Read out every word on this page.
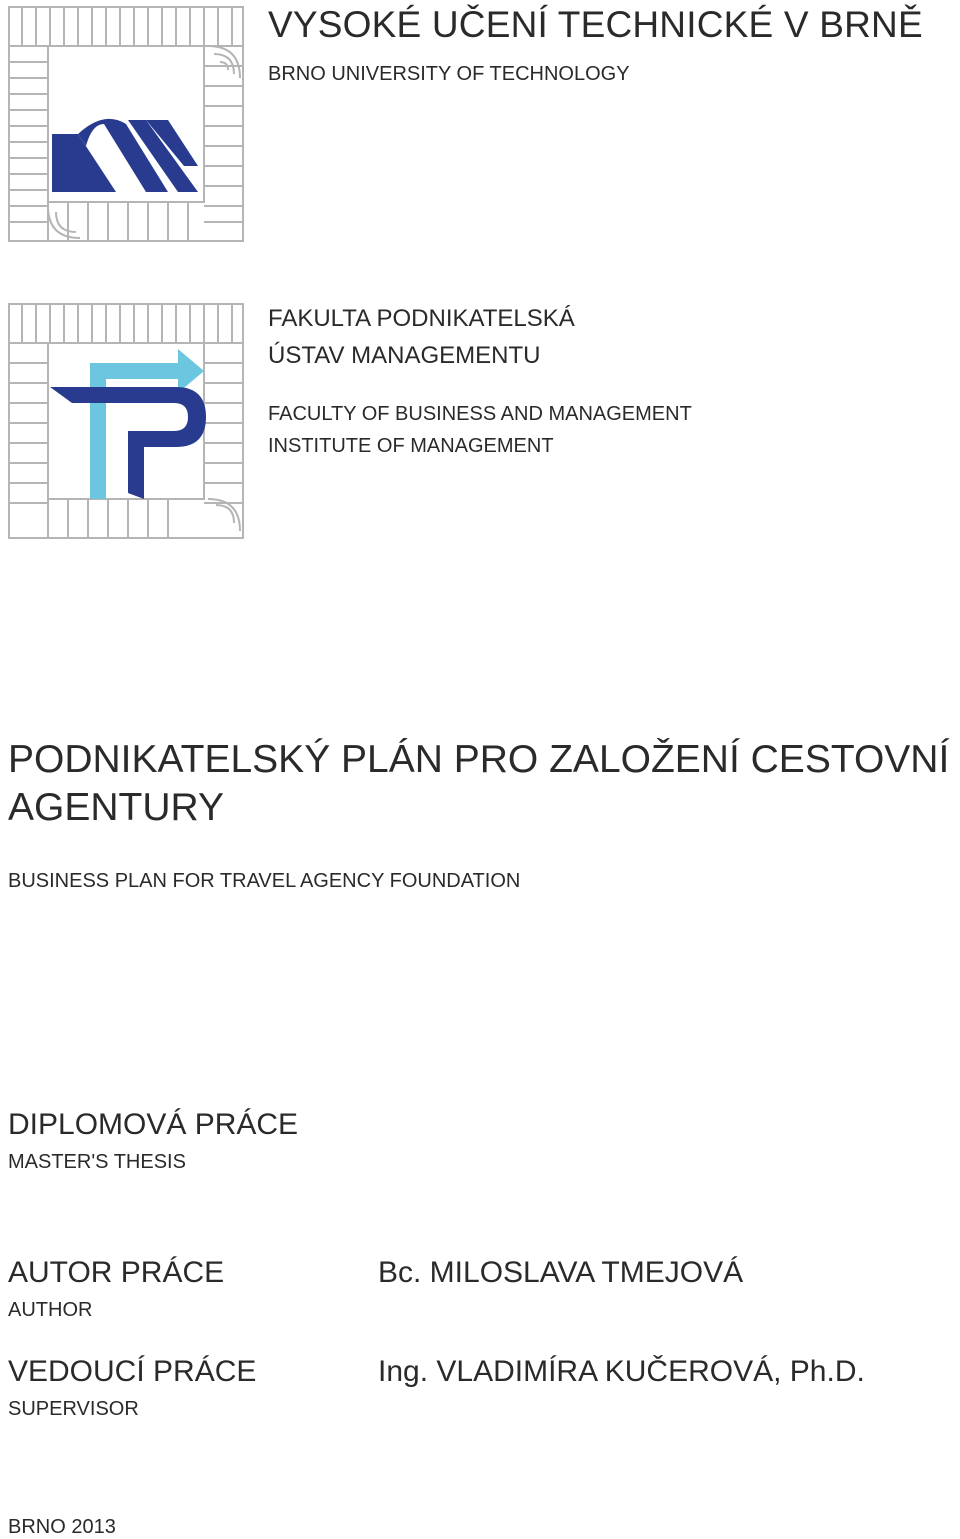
VYSOKÉ UČENÍ TECHNICKÉ V BRNĚ
BRNO UNIVERSITY OF TECHNOLOGY
FAKULTA PODNIKATELSKÁ
ÚSTAV MANAGEMENTU
FACULTY OF BUSINESS AND MANAGEMENT
INSTITUTE OF MANAGEMENT
PODNIKATELSKÝ PLÁN PRO ZALOŽENÍ CESTOVNÍ AGENTURY
BUSINESS PLAN FOR TRAVEL AGENCY FOUNDATION
DIPLOMOVÁ PRÁCE
MASTER'S THESIS
AUTOR PRÁCE
AUTHOR
Bc. MILOSLAVA TMEJOVÁ
VEDOUCÍ PRÁCE
SUPERVISOR
Ing. VLADIMÍRA KUČEROVÁ, Ph.D.
BRNO 2013
